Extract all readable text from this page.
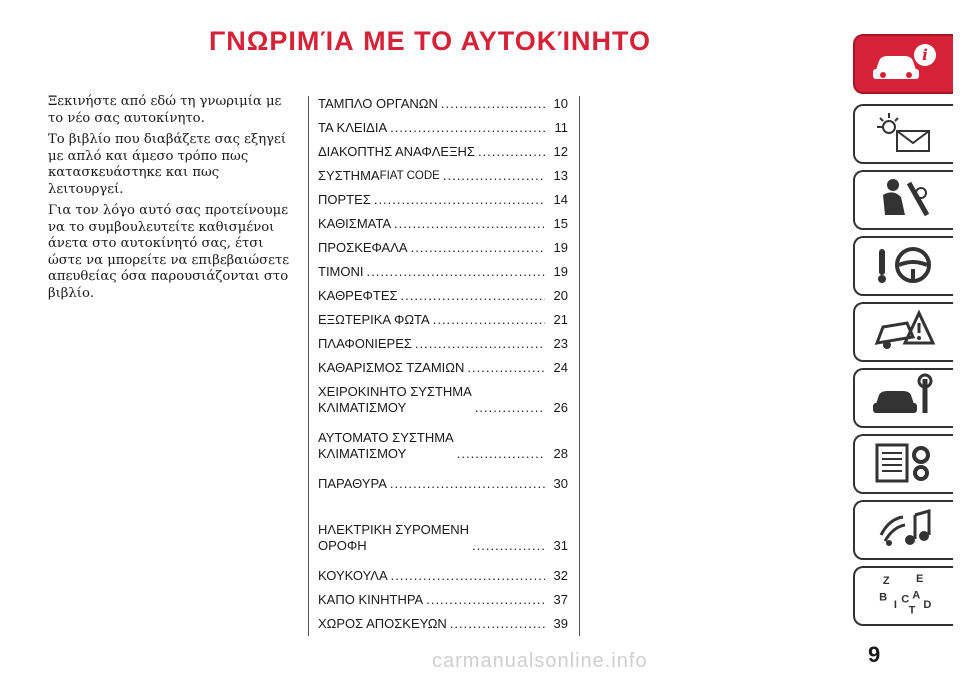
ΓΝΩΡΙΜΊΑ ΜΕ ΤΟ ΑΥΤΟΚΊΝΗΤΟ

Ξεκινήστε από εδώ τη γνωριμία με το νέο σας αυτοκίνητο.

Το βιβλίο που διαβάζετε σας εξηγεί με απλό και άμεσο τρόπο πως κατασκευάστηκε και πως λειτουργεί.

Για τον λόγο αυτό σας προτείνουμε να το συμβουλευτείτε καθισμένοι άνετα στο αυτοκίνητό σας, έτσι ώστε να μπορείτε να επιβεβαιώσετε απευθείας όσα παρουσιάζονται στο βιβλίο.

ΤΑΜΠΛΟ ΟΡΓΑΝΩΝ .....	10
ΤΑ ΚΛΕΙΔΙΑ .....	11
ΔΙΑΚΟΠΤΗΣ ΑΝΑΦΛΕΞΗΣ .....	12
ΣΥΣΤΗΜΑ FIAT CODE .....	13
ΠΟΡΤΕΣ .....	14
ΚΑΘΙΣΜΑΤΑ .....	15
ΠΡΟΣΚΕΦΑΛΑ .....	19
ΤΙΜΟΝΙ .....	19
ΚΑΘΡΕΦΤΕΣ .....	20
ΕΞΩΤΕΡΙΚΑ ΦΩΤΑ .....	21
ΠΛΑΦΟΝΙΕΡΕΣ .....	23
ΚΑΘΑΡΙΣΜΟΣ ΤΖΑΜΙΩΝ .....	24
ΧΕΙΡΟΚΙΝΗΤΟ ΣΥΣΤΗΜΑ
ΚΛΙΜΑΤΙΣΜΟΥ .....	26
ΑΥΤΟΜΑΤΟ ΣΥΣΤΗΜΑ
ΚΛΙΜΑΤΙΣΜΟΥ .....	28
ΠΑΡΑΘΥΡΑ .....	30
ΗΛΕΚΤΡΙΚΗ ΣΥΡΟΜΕΝΗ
ΟΡΟΦΗ .....	31
ΚΟΥΚΟΥΛΑ .....	32
ΚΑΠΟ ΚΙΝΗΤΗΡΑ .....	37
ΧΩΡΟΣ ΑΠΟΣΚΕΥΩΝ .....	39
i
Z E
B A
I C D
T
9
carmanualsonline.info
